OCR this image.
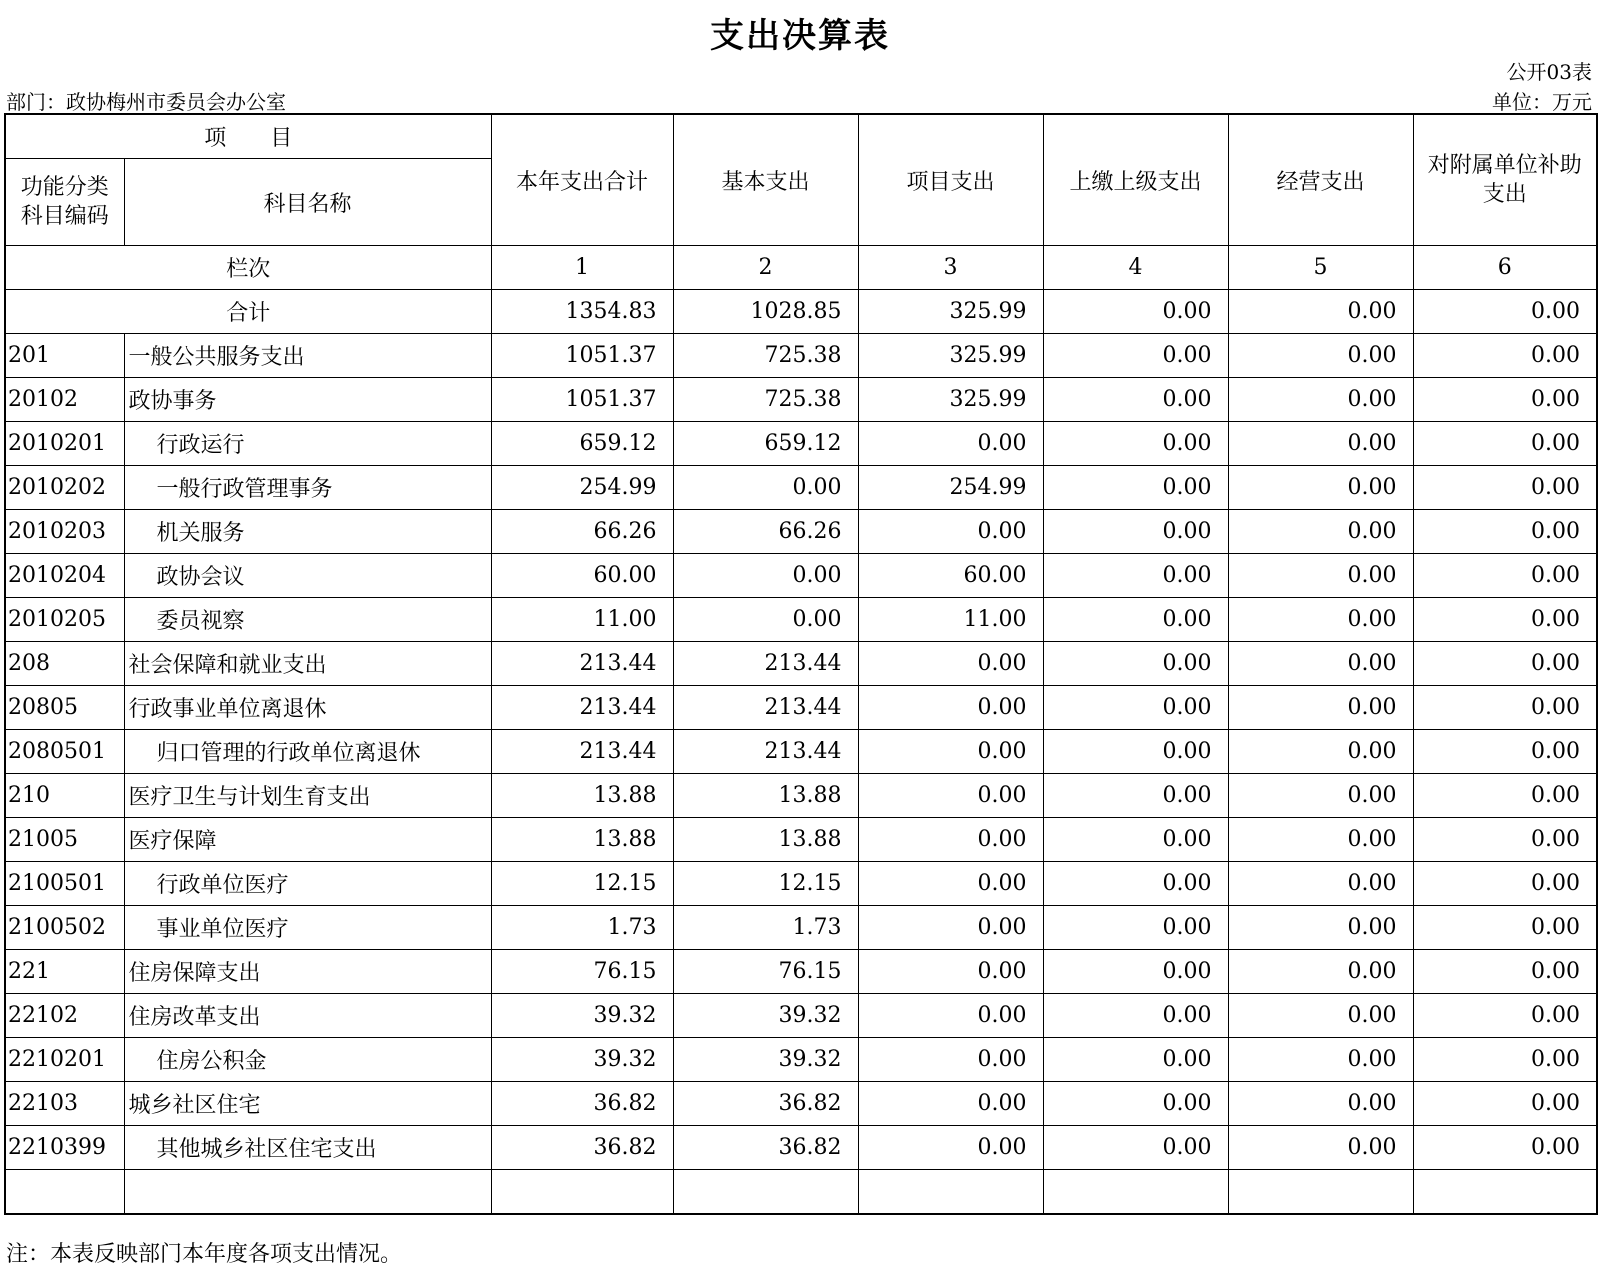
支出决算表
公开03表
部门：政协梅州市委员会办公室	单位：万元
项　　目		本年支出合计	基本支出	项目支出	上缴上级支出	经营支出	对附属单位补助支出
功能分类科目编码	科目名称						
栏次		1	2	3	4	5	6
合计		1354.83	1028.85	325.99	0.00	0.00	0.00
201	一般公共服务支出	1051.37	725.38	325.99	0.00	0.00	0.00
20102	政协事务	1051.37	725.38	325.99	0.00	0.00	0.00
2010201	行政运行	659.12	659.12	0.00	0.00	0.00	0.00
2010202	一般行政管理事务	254.99	0.00	254.99	0.00	0.00	0.00
2010203	机关服务	66.26	66.26	0.00	0.00	0.00	0.00
2010204	政协会议	60.00	0.00	60.00	0.00	0.00	0.00
2010205	委员视察	11.00	0.00	11.00	0.00	0.00	0.00
208	社会保障和就业支出	213.44	213.44	0.00	0.00	0.00	0.00
20805	行政事业单位离退休	213.44	213.44	0.00	0.00	0.00	0.00
2080501	归口管理的行政单位离退休	213.44	213.44	0.00	0.00	0.00	0.00
210	医疗卫生与计划生育支出	13.88	13.88	0.00	0.00	0.00	0.00
21005	医疗保障	13.88	13.88	0.00	0.00	0.00	0.00
2100501	行政单位医疗	12.15	12.15	0.00	0.00	0.00	0.00
2100502	事业单位医疗	1.73	1.73	0.00	0.00	0.00	0.00
221	住房保障支出	76.15	76.15	0.00	0.00	0.00	0.00
22102	住房改革支出	39.32	39.32	0.00	0.00	0.00	0.00
2210201	住房公积金	39.32	39.32	0.00	0.00	0.00	0.00
22103	城乡社区住宅	36.82	36.82	0.00	0.00	0.00	0.00
2210399	其他城乡社区住宅支出	36.82	36.82	0.00	0.00	0.00	0.00

注：本表反映部门本年度各项支出情况。
